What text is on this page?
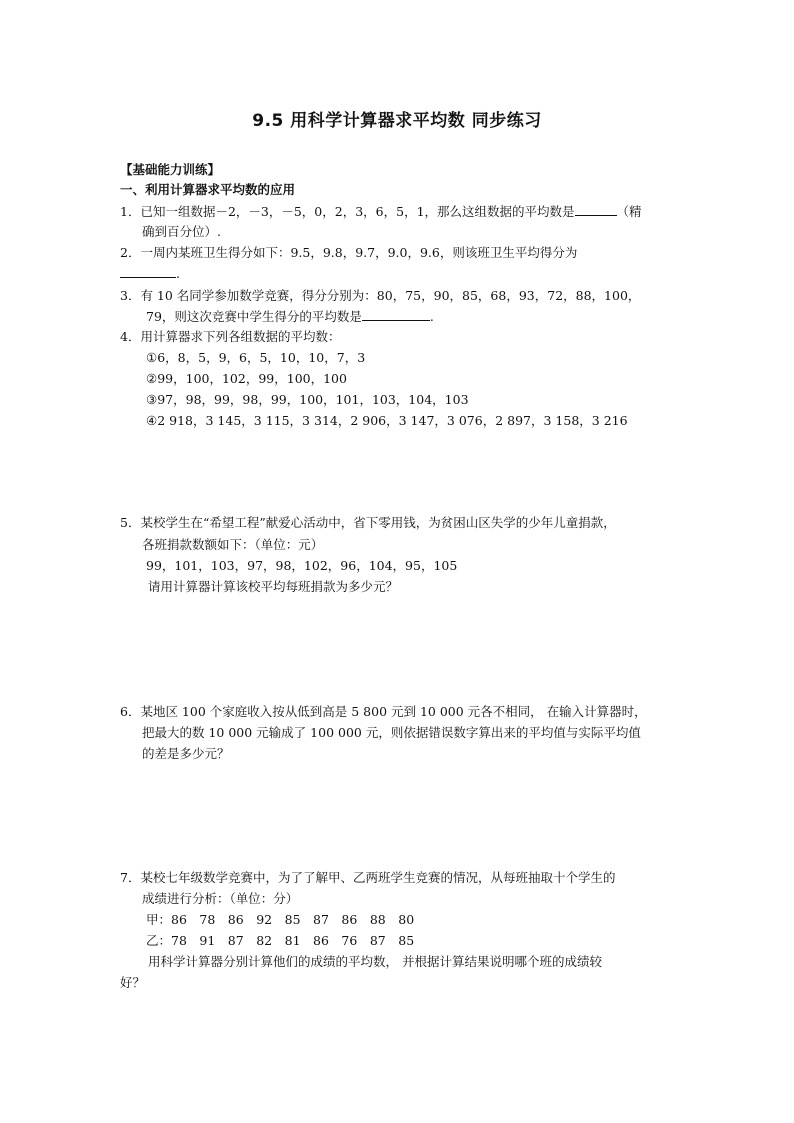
9.5 用科学计算器求平均数 同步练习
【基础能力训练】
一、利用计算器求平均数的应用
1．已知一组数据－2，－3，－5，0，2，3，6，5，1，那么这组数据的平均数是	（精
确到百分位）.
2．一周内某班卫生得分如下：9.5，9.8，9.7，9.0，9.6，则该班卫生平均得分为
.
3．有 10 名同学参加数学竞赛，得分分别为：80，75，90，85，68，93，72，88，100，
79，则这次竞赛中学生得分的平均数是	.
4．用计算器求下列各组数据的平均数：
①6，8，5，9，6，5，10，10，7，3
②99，100，102，99，100，100
③97，98，99，98，99，100，101，103，104，103
④2 918，3 145，3 115，3 314，2 906，3 147，3 076，2 897，3 158，3 216
5．某校学生在“希望工程”献爱心活动中，省下零用钱，为贫困山区失学的少年儿童捐款，
各班捐款数额如下：（单位：元）
99，101，103，97，98，102，96，104，95，105
请用计算器计算该校平均每班捐款为多少元？
6．某地区 100 个家庭收入按从低到高是 5 800 元到 10 000 元各不相同， 在输入计算器时，
把最大的数 10 000 元输成了 100 000 元，则依据错误数字算出来的平均值与实际平均值
的差是多少元？
7．某校七年级数学竞赛中，为了了解甲、乙两班学生竞赛的情况，从每班抽取十个学生的
成绩进行分析：（单位：分）
甲：86　78　86　92　85　87　86　88　80
乙：78　91　87　82　81　86　76　87　85
用科学计算器分别计算他们的成绩的平均数， 并根据计算结果说明哪个班的成绩较
好？
